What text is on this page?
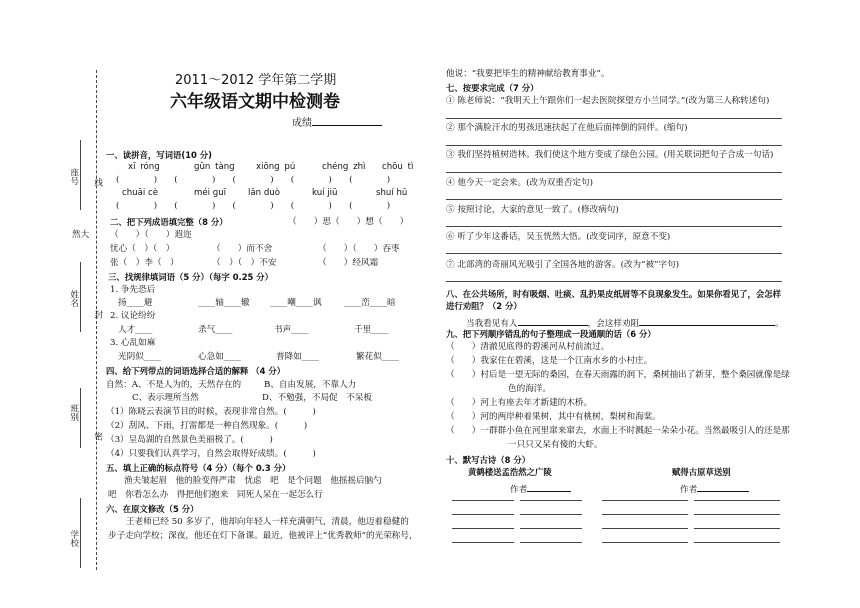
座号 线
然大
姓名
封
班别
密
学校
2011～2012 学年第二学期
六年级语文期中检测卷
成绩
一、读拼音，写词语(10 分)
xī rónɡ	ɡǔn tànɡ xiōnɡ pú	chénɡ zhì chōu tì
(　　　　)　　(　　　　)　　(　　　　)　　(　　　　)　　(　　　　)
chuāi cè	méi ɡuī	lǎn duò	kuí jiū	shuí hū
(　　　　)　　(　　　　)　　(　　　　)　　(　　　　)　　(　　　　)
二、把下列成语填完整（8 分）	（　　）思（　　）想（　　）
（　　）（　　）遐迩
忧心（　）（　）	（　　）而不舍	（　　）（　　）吞枣
张（　）李（　）	（　）（　）不安	（　　）经风霜
三、找规律填词语（5 分）（每字 0.25 分）
1. 争先恐后
扬____避	____轴____辙 ____嘲____讽	____峦____暗
2. 议论纷纷
人才____	杀气____	书声____	千里____
3. 心乱如麻
光阴似____	心急如____	普降如____	繁花似____
四、给下列带点的词语选择合适的解释 （4 分）
自然：A、不是人为的，天然存在的	B、自由发展，不靠人力
C、表示理所当然	D、不勉强，不局促　不呆板
（1）陈晓云表演节目的时候，表现非常自然。(　　　)
（2）刮风、下雨，打雷都是一种自然现象。(　　　)
（3）呈岛湖的自然景色美丽极了。(　　　)
（4）只要我们认真学习，自然会取得好成绩。(　　　)
五、填上正确的标点符号（4 分）（每个 0.3 分）
渔夫皱起眉　他的脸变得严肃　忧虑　吧　是个问题　他摇摇后脑勺
吧　你看怎么办　得把他们抱来　同死人呆在一起怎么行
六、在原文修改（5 分）
王老师已经 50 多岁了，他却向年轻人一样充满朝气，清晨，他迈着稳健的
步子走向学校；深夜，他还在灯下备课。最近，他被评上“优秀教师”的光荣称号，
他说：“我要把毕生的精神献给教育事业”。
七、按要求完成（7 分）
① 陈老师说：“我明天上午跟你们一起去医院探望方小兰同学。”(改为第三人称转述句)
② 那个满脸汗水的男孩迅速扶起了在他后面摔倒的同伴。(缩句)
③ 我们坚持植树造林。我们使这个地方变成了绿色公园。(用关联词把句子合成一句话)
④ 他今天一定会来。(改为双重否定句)
⑤ 按照讨论，大家的意见一致了。(修改病句)
⑥ 听了少年这番话，吴玉恍然大悟。(改变词序，原意不变)
⑦ 北部湾的奇丽风光吸引了全国各地的游客。(改为“被”字句)
八、在公共场所，时有吸烟、吐痰、乱扔果皮纸屑等不良现象发生。如果你看见了，会怎样进行劝阻？（2 分）
当我看见有人	，会这样劝阻	。
九、把下列顺序错乱的句子整理成一段通顺的话（6 分）
（　　）清澈见底得的碧溪河从村前流过。
（　　）我家住在碧溪，这是一个江南水乡的小村庄。
（　　）村后是一望无际的桑园，在春天雨露的润下，桑树抽出了新芽，整个桑园就像是绿
色的海洋。
（　　）河上有座去年才新建的木桥。
（　　）河的两岸种着果树，其中有桃树，梨树和海棠。
（　　）一群群小鱼在河里窜来窜去，水面上不时溅起一朵朵小花。当然最吸引人的还是那
一只只又呆有傻的大虾。
十、默写古诗（8 分）
黄鹤楼送孟浩然之广陵	赋得古原草送别
作者	作者
